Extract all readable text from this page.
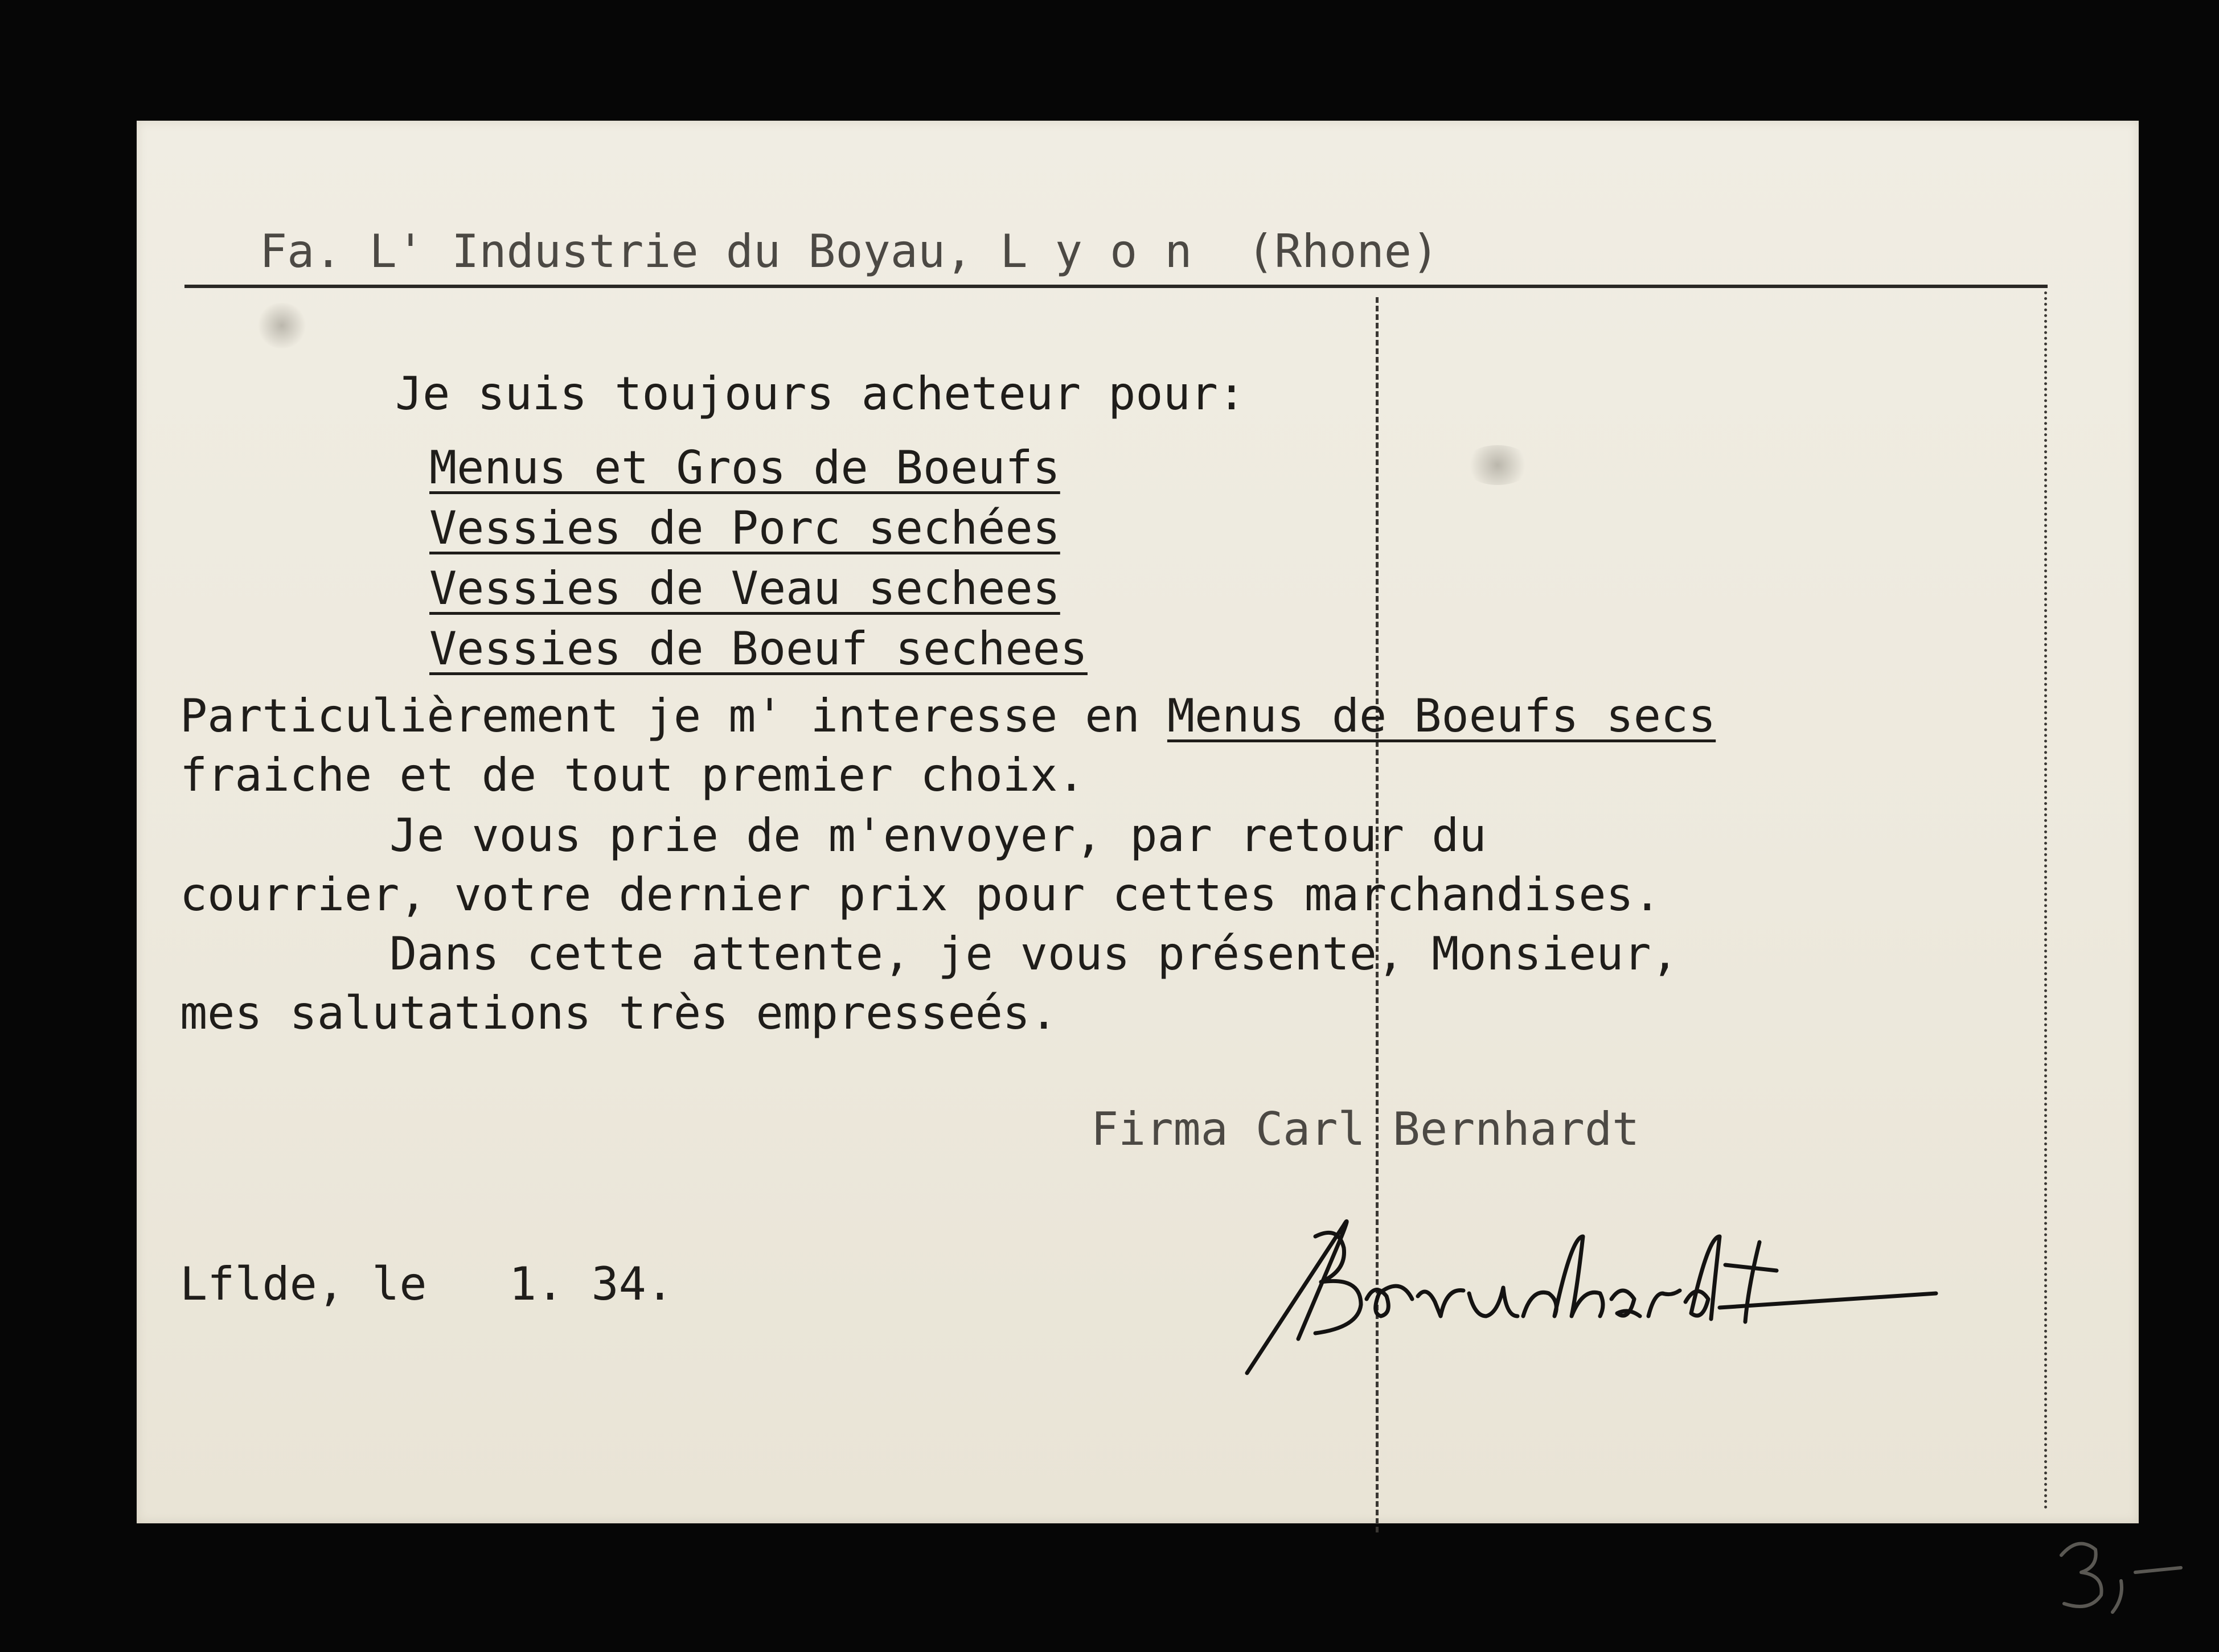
Fa. L' Industrie du Boyau, L y o n  (Rhone)
Je suis toujours acheteur pour:
Menus et Gros de Boeufs
Vessies de Porc sechées
Vessies de Veau sechees
Vessies de Boeuf sechees
Particulièrement je m' interesse en Menus de Boeufs secs
fraiche et de tout premier choix.
Je vous prie de m'envoyer, par retour du
courrier, votre dernier prix pour cettes marchandises.
Dans cette attente, je vous présente, Monsieur,
mes salutations très empresseés.
Firma Carl Bernhardt
Lflde, le   1. 34.
